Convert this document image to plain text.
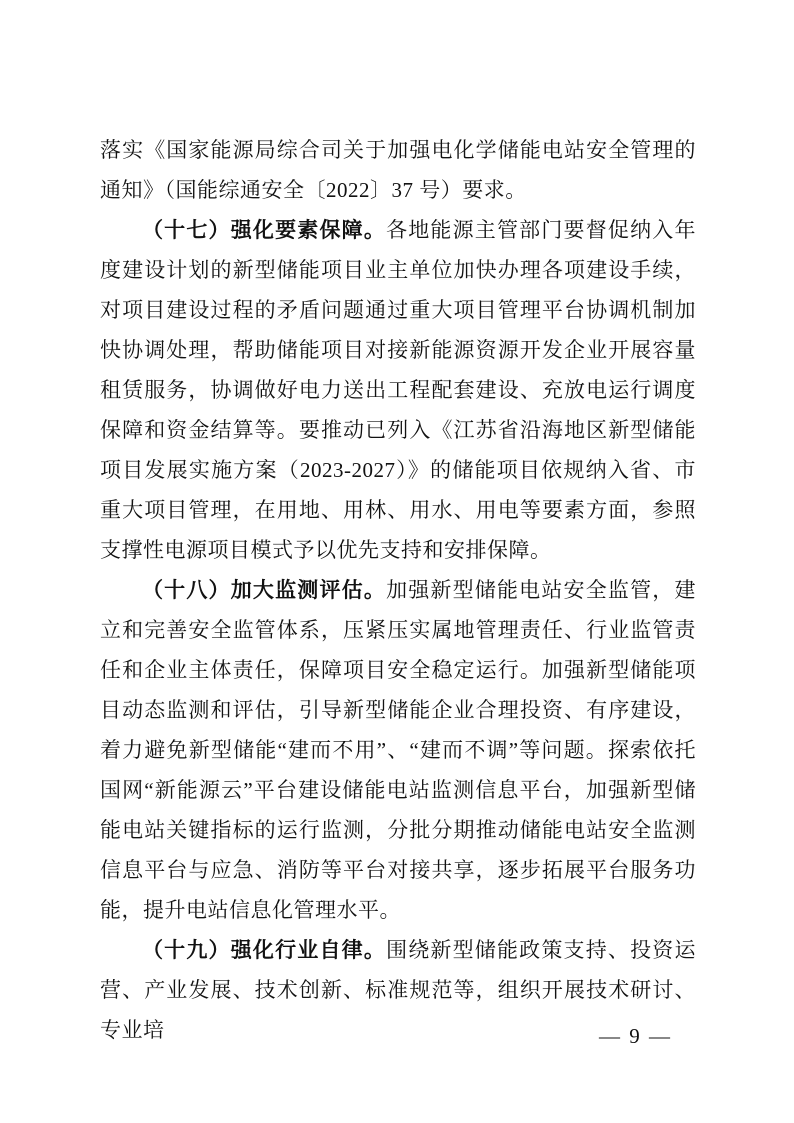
落实《国家能源局综合司关于加强电化学储能电站安全管理的通知》（国能综通安全〔2022〕37 号）要求。

（十七）强化要素保障。各地能源主管部门要督促纳入年度建设计划的新型储能项目业主单位加快办理各项建设手续，对项目建设过程的矛盾问题通过重大项目管理平台协调机制加快协调处理，帮助储能项目对接新能源资源开发企业开展容量租赁服务，协调做好电力送出工程配套建设、充放电运行调度保障和资金结算等。要推动已列入《江苏省沿海地区新型储能项目发展实施方案（2023-2027）》的储能项目依规纳入省、市重大项目管理，在用地、用林、用水、用电等要素方面，参照支撑性电源项目模式予以优先支持和安排保障。

（十八）加大监测评估。加强新型储能电站安全监管，建立和完善安全监管体系，压紧压实属地管理责任、行业监管责任和企业主体责任，保障项目安全稳定运行。加强新型储能项目动态监测和评估，引导新型储能企业合理投资、有序建设，着力避免新型储能“建而不用”、“建而不调”等问题。探索依托国网“新能源云”平台建设储能电站监测信息平台，加强新型储能电站关键指标的运行监测，分批分期推动储能电站安全监测信息平台与应急、消防等平台对接共享，逐步拓展平台服务功能，提升电站信息化管理水平。

（十九）强化行业自律。围绕新型储能政策支持、投资运营、产业发展、技术创新、标准规范等，组织开展技术研讨、专业培	— 9 —
